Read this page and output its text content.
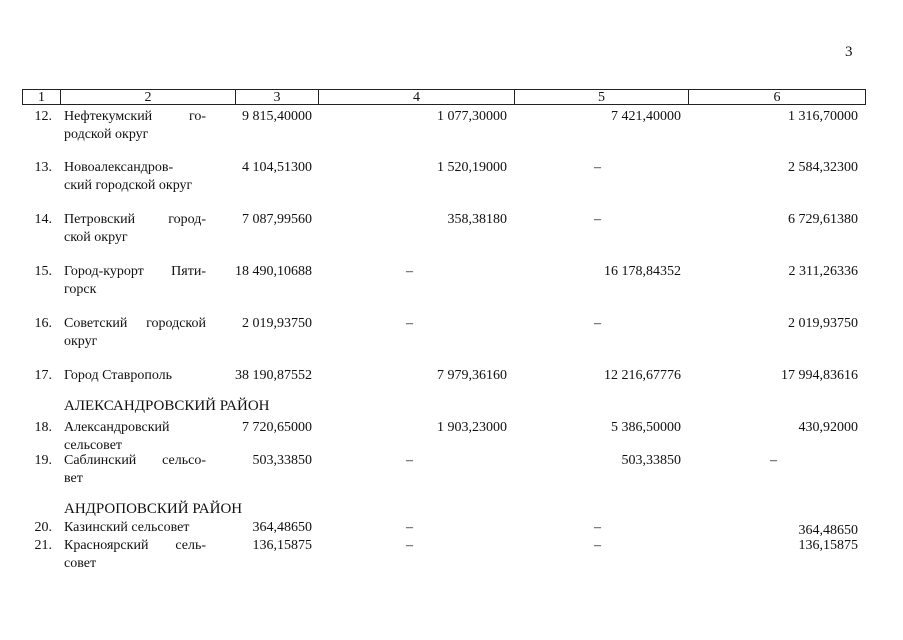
3
1	2	3	4	5	6
12. Нефтекумский го-
родской округ
9 815,40000	1 077,30000	7 421,40000	1 316,70000
13. Новоалександров-
ский городской округ
4 104,51300	1 520,19000	–	2 584,32300
14. Петровский город-
ской округ
7 087,99560	358,38180	–	6 729,61380
15. Город-курорт Пяти-
горск
18 490,10688	–	16 178,84352	2 311,26336
16. Советский городской
округ
2 019,93750	–	–	2 019,93750
17. Город Ставрополь	38 190,87552	7 979,36160	12 216,67776	17 994,83616
АЛЕКСАНДРОВСКИЙ РАЙОН
18. Александровский
сельсовет
7 720,65000	1 903,23000	5 386,50000	430,92000
19. Саблинский сельсо-
вет
503,33850	–	503,33850	–
АНДРОПОВСКИЙ РАЙОН
20. Казинский сельсовет	364,48650	–	–	364,48650
21. Красноярский сель-
совет
136,15875	–	–	136,15875
